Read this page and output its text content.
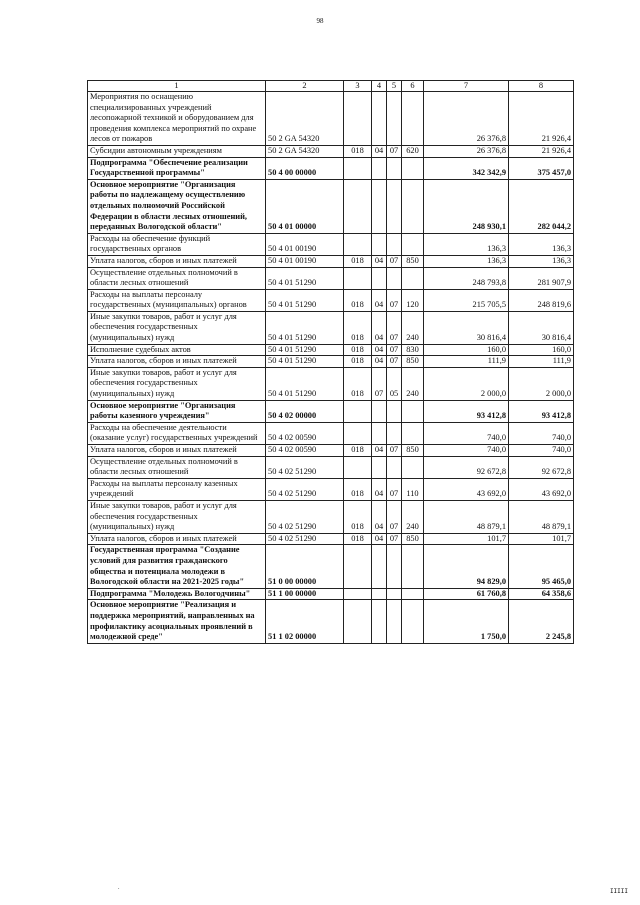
98
1	2	3	4	5	6	7	8
Мероприятия по оснащению специализированных учреждений лесопожарной техникой и оборудованием для проведения комплекса мероприятий по охране лесов от пожаров	50 2 GA 54320					26 376,8	21 926,4
Субсидии автономным учреждениям	50 2 GA 54320	018	04	07	620	26 376,8	21 926,4
Подпрограмма "Обеспечение реализации Государственной программы"	50 4 00 00000					342 342,9	375 457,0
Основное мероприятие "Организация работы по надлежащему осуществлению отдельных полномочий Российской Федерации в области лесных отношений, переданных Вологодской области"	50 4 01 00000					248 930,1	282 044,2
Расходы на обеспечение функций государственных органов	50 4 01 00190					136,3	136,3
Уплата налогов, сборов и иных платежей	50 4 01 00190	018	04	07	850	136,3	136,3
Осуществление отдельных полномочий в области лесных отношений	50 4 01 51290					248 793,8	281 907,9
Расходы на выплаты персоналу государственных (муниципальных) органов	50 4 01 51290	018	04	07	120	215 705,5	248 819,6
Иные закупки товаров, работ и услуг для обеспечения государственных (муниципальных) нужд	50 4 01 51290	018	04	07	240	30 816,4	30 816,4
Исполнение судебных актов	50 4 01 51290	018	04	07	830	160,0	160,0
Уплата налогов, сборов и иных платежей	50 4 01 51290	018	04	07	850	111,9	111,9
Иные закупки товаров, работ и услуг для обеспечения государственных (муниципальных) нужд	50 4 01 51290	018	07	05	240	2 000,0	2 000,0
Основное мероприятие "Организация работы казенного учреждения"	50 4 02 00000					93 412,8	93 412,8
Расходы на обеспечение деятельности (оказание услуг) государственных учреждений	50 4 02 00590					740,0	740,0
Уплата налогов, сборов и иных платежей	50 4 02 00590	018	04	07	850	740,0	740,0
Осуществление отдельных полномочий в области лесных отношений	50 4 02 51290					92 672,8	92 672,8
Расходы на выплаты персоналу казенных учреждений	50 4 02 51290	018	04	07	110	43 692,0	43 692,0
Иные закупки товаров, работ и услуг для обеспечения государственных (муниципальных) нужд	50 4 02 51290	018	04	07	240	48 879,1	48 879,1
Уплата налогов, сборов и иных платежей	50 4 02 51290	018	04	07	850	101,7	101,7
Государственная программа "Создание условий для развития гражданского общества и потенциала молодежи в Вологодской области на 2021-2025 годы"	51 0 00 00000					94 829,0	95 465,0
Подпрограмма "Молодежь Вологодчины"	51 1 00 00000					61 760,8	64 358,6
Основное мероприятие "Реализация и поддержка мероприятий, направленных на профилактику асоциальных проявлений в молодежной среде"	51 1 02 00000					1 750,0	2 245,8
.	IIIII
